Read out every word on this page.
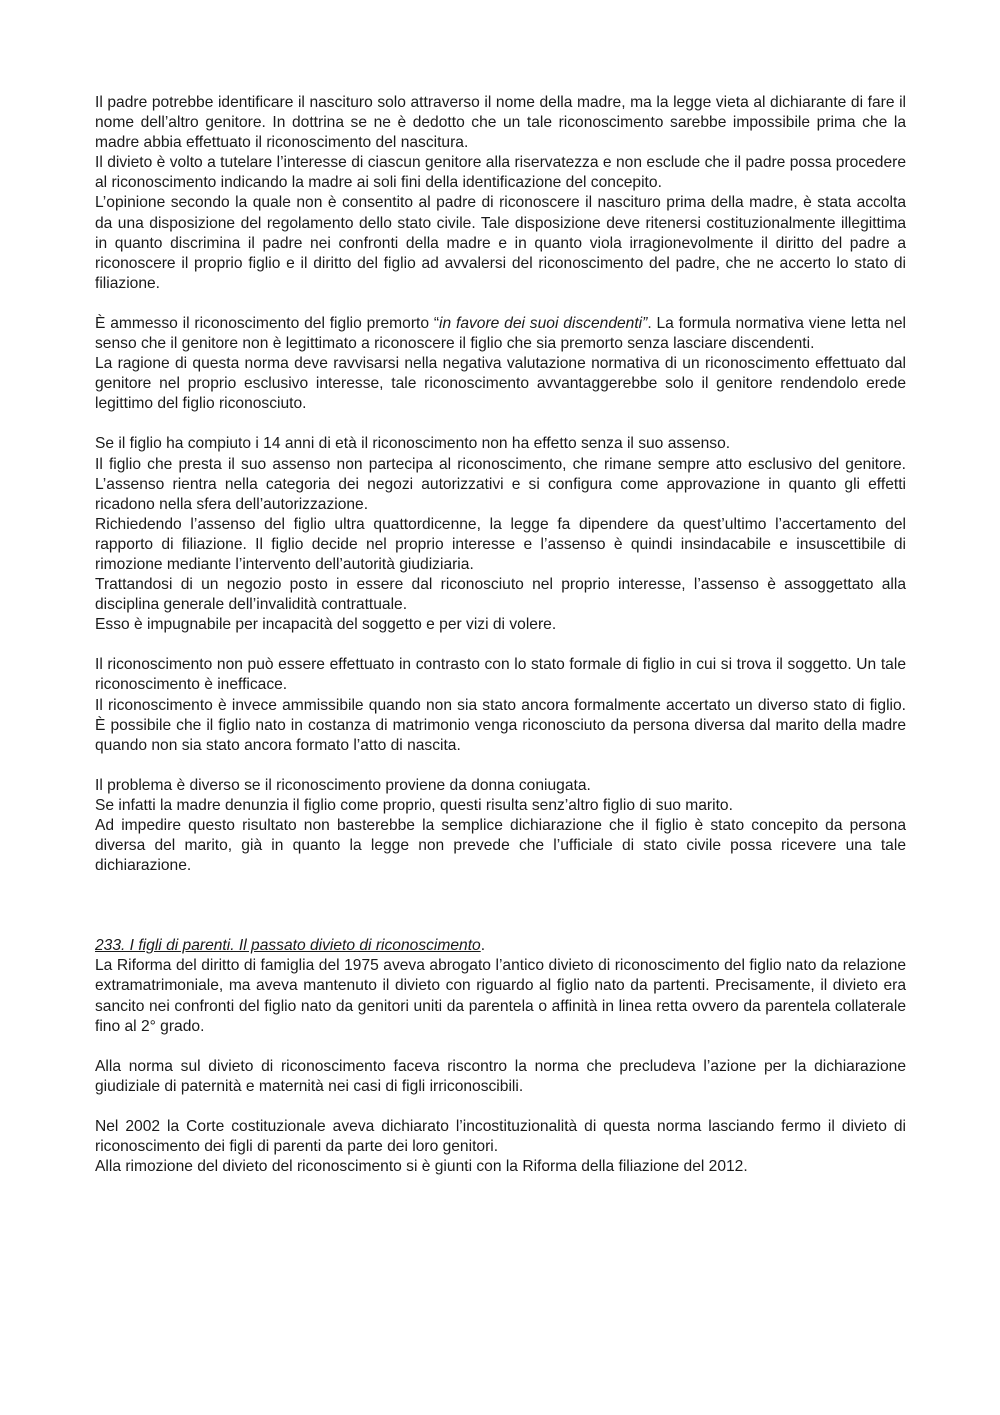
Il padre potrebbe identificare il nascituro solo attraverso il nome della madre, ma la legge vieta al dichiarante di fare il nome dell’altro genitore. In dottrina se ne è dedotto che un tale riconoscimento sarebbe impossibile prima che la madre abbia effettuato il riconoscimento del nascitura.

Il divieto è volto a tutelare l’interesse di ciascun genitore alla riservatezza e non esclude che il padre possa procedere al riconoscimento indicando la madre ai soli fini della identificazione del concepito.

L’opinione secondo la quale non è consentito al padre di riconoscere il nascituro prima della madre, è stata accolta da una disposizione del regolamento dello stato civile. Tale disposizione deve ritenersi costituzionalmente illegittima in quanto discrimina il padre nei confronti della madre e in quanto viola irragionevolmente il diritto del padre a riconoscere il proprio figlio e il diritto del figlio ad avvalersi del riconoscimento del padre, che ne accerto lo stato di filiazione.

È ammesso il riconoscimento del figlio premorto “in favore dei suoi discendenti”. La formula normativa viene letta nel senso che il genitore non è legittimato a riconoscere il figlio che sia premorto senza lasciare discendenti.

La ragione di questa norma deve ravvisarsi nella negativa valutazione normativa di un riconoscimento effettuato dal genitore nel proprio esclusivo interesse, tale riconoscimento avvantaggerebbe solo il genitore rendendolo erede legittimo del figlio riconosciuto.

Se il figlio ha compiuto i 14 anni di età il riconoscimento non ha effetto senza il suo assenso.

Il figlio che presta il suo assenso non partecipa al riconoscimento, che rimane sempre atto esclusivo del genitore. L’assenso rientra nella categoria dei negozi autorizzativi e si configura come approvazione in quanto gli effetti ricadono nella sfera dell’autorizzazione.

Richiedendo l’assenso del figlio ultra quattordicenne, la legge fa dipendere da quest’ultimo l’accertamento del rapporto di filiazione. Il figlio decide nel proprio interesse e l’assenso è quindi insindacabile e insuscettibile di rimozione mediante l’intervento dell’autorità giudiziaria.

Trattandosi di un negozio posto in essere dal riconosciuto nel proprio interesse, l’assenso è assoggettato alla disciplina generale dell’invalidità contrattuale.

Esso è impugnabile per incapacità del soggetto e per vizi di volere.

Il riconoscimento non può essere effettuato in contrasto con lo stato formale di figlio in cui si trova il soggetto. Un tale riconoscimento è inefficace.

Il riconoscimento è invece ammissibile quando non sia stato ancora formalmente accertato un diverso stato di figlio. È possibile che il figlio nato in costanza di matrimonio venga riconosciuto da persona diversa dal marito della madre quando non sia stato ancora formato l’atto di nascita.

Il problema è diverso se il riconoscimento proviene da donna coniugata.

Se infatti la madre denunzia il figlio come proprio, questi risulta senz’altro figlio di suo marito.

Ad impedire questo risultato non basterebbe la semplice dichiarazione che il figlio è stato concepito da persona diversa del marito, già in quanto la legge non prevede che l’ufficiale di stato civile possa ricevere una tale dichiarazione.

233. I figli di parenti. Il passato divieto di riconoscimento.

La Riforma del diritto di famiglia del 1975 aveva abrogato l’antico divieto di riconoscimento del figlio nato da relazione extramatrimoniale, ma aveva mantenuto il divieto con riguardo al figlio nato da partenti. Precisamente, il divieto era sancito nei confronti del figlio nato da genitori uniti da parentela o affinità in linea retta ovvero da parentela collaterale fino al 2° grado.

Alla norma sul divieto di riconoscimento faceva riscontro la norma che precludeva l’azione per la dichiarazione giudiziale di paternità e maternità nei casi di figli irriconoscibili.

Nel 2002 la Corte costituzionale aveva dichiarato l’incostituzionalità di questa norma lasciando fermo il divieto di riconoscimento dei figli di parenti da parte dei loro genitori.

Alla rimozione del divieto del riconoscimento si è giunti con la Riforma della filiazione del 2012.
